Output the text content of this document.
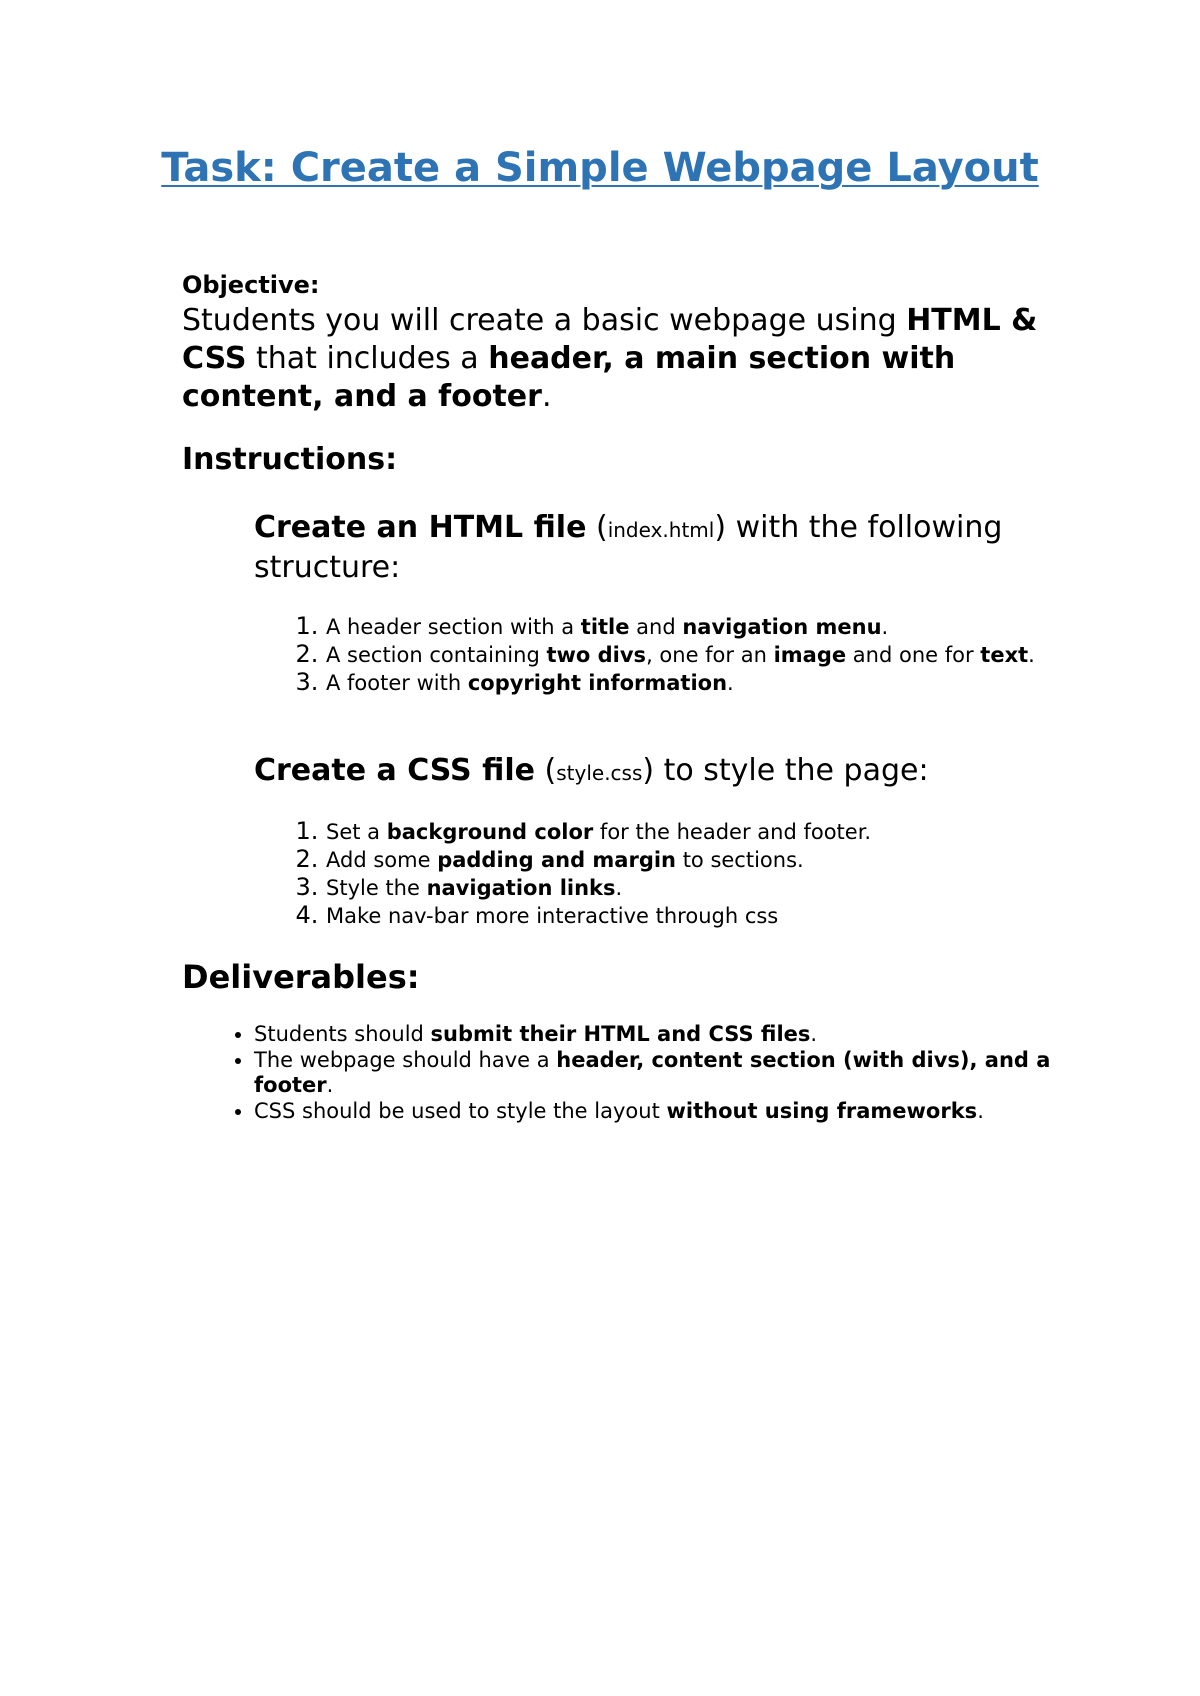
Task: Create a Simple Webpage Layout
Objective:
Students you will create a basic webpage using HTML & CSS that includes a header, a main section with content, and a footer.
Instructions:
Create an HTML file (index.html) with the following structure:
1. A header section with a title and navigation menu.
2. A section containing two divs, one for an image and one for text.
3. A footer with copyright information.
Create a CSS file (style.css) to style the page:
1. Set a background color for the header and footer.
2. Add some padding and margin to sections.
3. Style the navigation links.
4. Make nav-bar more interactive through css
Deliverables:
• Students should submit their HTML and CSS files.
• The webpage should have a header, content section (with divs), and a footer.
• CSS should be used to style the layout without using frameworks.
